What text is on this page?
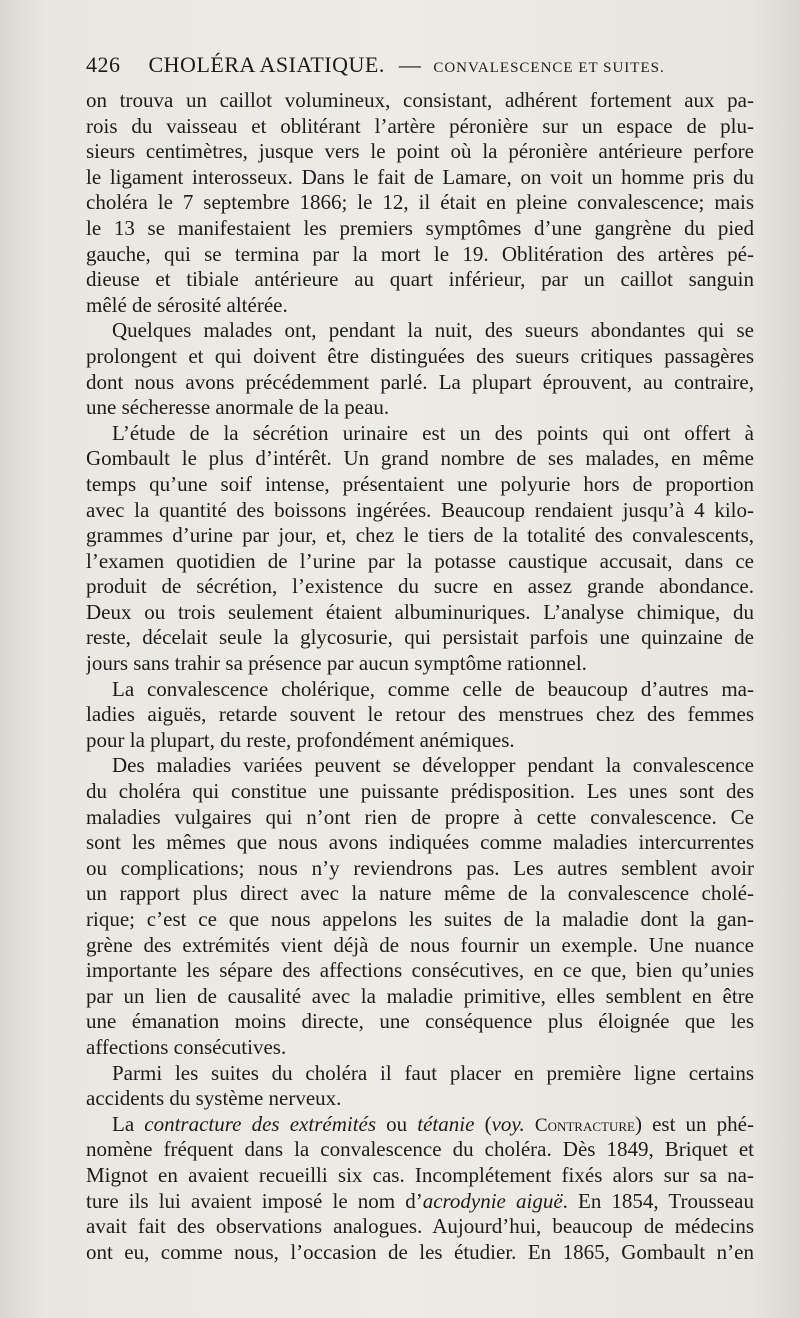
426 CHOLÉRA ASIATIQUE. — CONVALESCENCE ET SUITES.
on trouva un caillot volumineux, consistant, adhérent fortement aux pa-
rois du vaisseau et oblitérant l’artère péronière sur un espace de plu-
sieurs centimètres, jusque vers le point où la péronière antérieure perfore
le ligament interosseux. Dans le fait de Lamare, on voit un homme pris du
choléra le 7 septembre 1866; le 12, il était en pleine convalescence; mais
le 13 se manifestaient les premiers symptômes d’une gangrène du pied
gauche, qui se termina par la mort le 19. Oblitération des artères pé-
dieuse et tibiale antérieure au quart inférieur, par un caillot sanguin
mêlé de sérosité altérée.
Quelques malades ont, pendant la nuit, des sueurs abondantes qui se
prolongent et qui doivent être distinguées des sueurs critiques passagères
dont nous avons précédemment parlé. La plupart éprouvent, au contraire,
une sécheresse anormale de la peau.
L’étude de la sécrétion urinaire est un des points qui ont offert à
Gombault le plus d’intérêt. Un grand nombre de ses malades, en même
temps qu’une soif intense, présentaient une polyurie hors de proportion
avec la quantité des boissons ingérées. Beaucoup rendaient jusqu’à 4 kilo-
grammes d’urine par jour, et, chez le tiers de la totalité des convalescents,
l’examen quotidien de l’urine par la potasse caustique accusait, dans ce
produit de sécrétion, l’existence du sucre en assez grande abondance.
Deux ou trois seulement étaient albuminuriques. L’analyse chimique, du
reste, décelait seule la glycosurie, qui persistait parfois une quinzaine de
jours sans trahir sa présence par aucun symptôme rationnel.
La convalescence cholérique, comme celle de beaucoup d’autres ma-
ladies aiguës, retarde souvent le retour des menstrues chez des femmes
pour la plupart, du reste, profondément anémiques.
Des maladies variées peuvent se développer pendant la convalescence
du choléra qui constitue une puissante prédisposition. Les unes sont des
maladies vulgaires qui n’ont rien de propre à cette convalescence. Ce
sont les mêmes que nous avons indiquées comme maladies intercurrentes
ou complications; nous n’y reviendrons pas. Les autres semblent avoir
un rapport plus direct avec la nature même de la convalescence cholé-
rique; c’est ce que nous appelons les suites de la maladie dont la gan-
grène des extrémités vient déjà de nous fournir un exemple. Une nuance
importante les sépare des affections consécutives, en ce que, bien qu’unies
par un lien de causalité avec la maladie primitive, elles semblent en être
une émanation moins directe, une conséquence plus éloignée que les
affections consécutives.
Parmi les suites du choléra il faut placer en première ligne certains
accidents du système nerveux.
La contracture des extrémités ou tétanie (voy. Contracture) est un phé-
nomène fréquent dans la convalescence du choléra. Dès 1849, Briquet et
Mignot en avaient recueilli six cas. Incomplétement fixés alors sur sa na-
ture ils lui avaient imposé le nom d’acrodynie aiguë. En 1854, Trousseau
avait fait des observations analogues. Aujourd’hui, beaucoup de médecins
ont eu, comme nous, l’occasion de les étudier. En 1865, Gombault n’en
